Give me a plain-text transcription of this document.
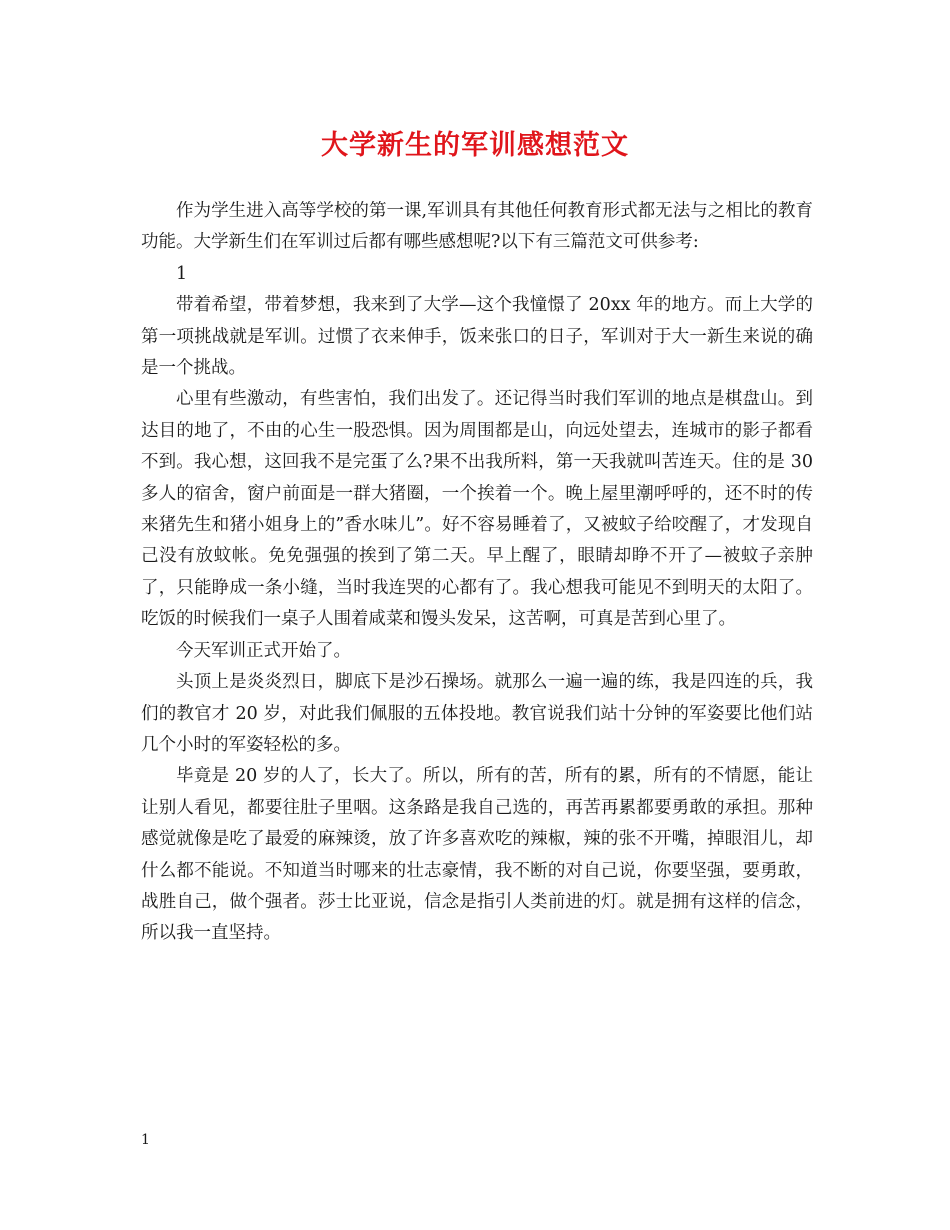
大学新生的军训感想范文

作为学生进入高等学校的第一课,军训具有其他任何教育形式都无法与之相比的教育功能。大学新生们在军训过后都有哪些感想呢?以下有三篇范文可供参考:

1

带着希望，带着梦想，我来到了大学—这个我憧憬了 20xx 年的地方。而上大学的第一项挑战就是军训。过惯了衣来伸手，饭来张口的日子，军训对于大一新生来说的确是一个挑战。

心里有些激动，有些害怕，我们出发了。还记得当时我们军训的地点是棋盘山。到达目的地了，不由的心生一股恐惧。因为周围都是山，向远处望去，连城市的影子都看不到。我心想，这回我不是完蛋了么?果不出我所料，第一天我就叫苦连天。住的是 30 多人的宿舍，窗户前面是一群大猪圈，一个挨着一个。晚上屋里潮呼呼的，还不时的传来猪先生和猪小姐身上的”香水味儿”。好不容易睡着了，又被蚊子给咬醒了，才发现自己没有放蚊帐。免免强强的挨到了第二天。早上醒了，眼睛却睁不开了—被蚊子亲肿了，只能睁成一条小缝，当时我连哭的心都有了。我心想我可能见不到明天的太阳了。吃饭的时候我们一桌子人围着咸菜和馒头发呆，这苦啊，可真是苦到心里了。

今天军训正式开始了。

头顶上是炎炎烈日，脚底下是沙石操场。就那么一遍一遍的练，我是四连的兵，我们的教官才 20 岁，对此我们佩服的五体投地。教官说我们站十分钟的军姿要比他们站几个小时的军姿轻松的多。

毕竟是 20 岁的人了，长大了。所以，所有的苦，所有的累，所有的不情愿，能让让别人看见，都要往肚子里咽。这条路是我自己选的，再苦再累都要勇敢的承担。那种感觉就像是吃了最爱的麻辣烫，放了许多喜欢吃的辣椒，辣的张不开嘴，掉眼泪儿，却什么都不能说。不知道当时哪来的壮志豪情，我不断的对自己说，你要坚强，要勇敢，战胜自己，做个强者。莎士比亚说，信念是指引人类前进的灯。就是拥有这样的信念，所以我一直坚持。

1
